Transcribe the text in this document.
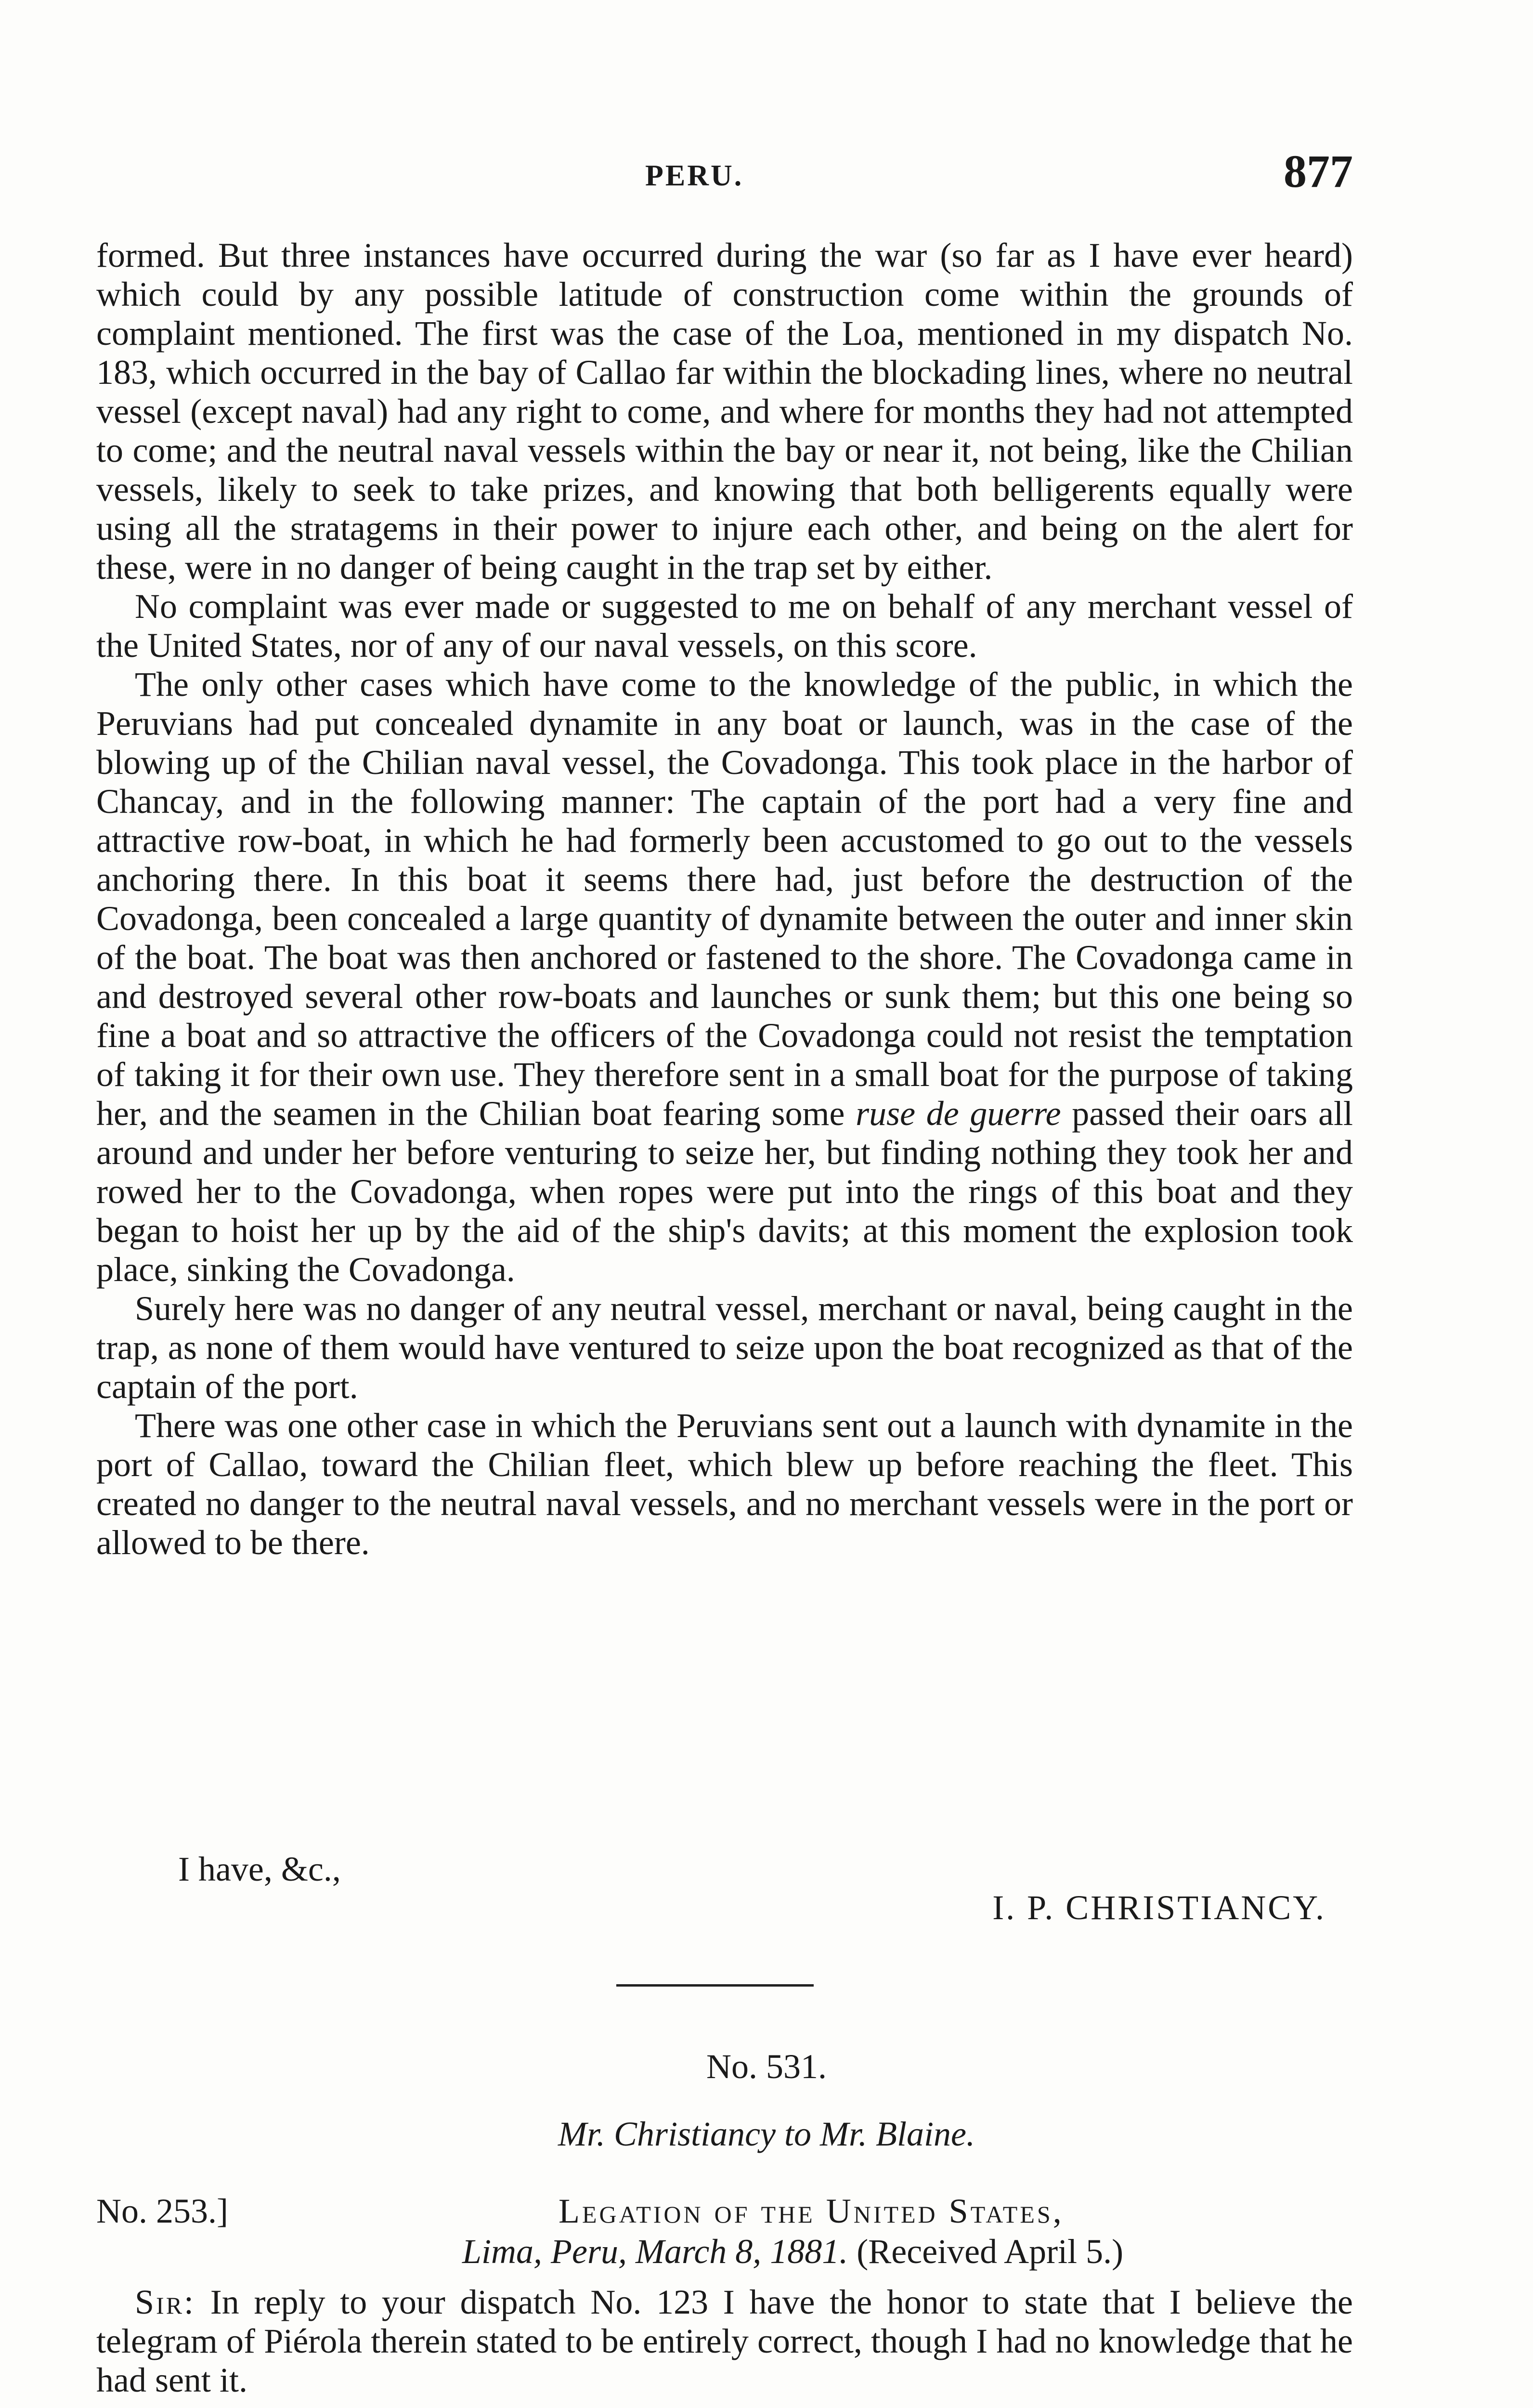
PERU.	877

formed. But three instances have occurred during the war (so far as I have ever heard) which could by any possible latitude of construction come within the grounds of complaint mentioned. The first was the case of the Loa, mentioned in my dispatch No. 183, which occurred in the bay of Callao far within the blockading lines, where no neutral vessel (except naval) had any right to come, and where for months they had not attempted to come; and the neutral naval vessels within the bay or near it, not being, like the Chilian vessels, likely to seek to take prizes, and knowing that both belligerents equally were using all the stratagems in their power to injure each other, and being on the alert for these, were in no danger of being caught in the trap set by either.

No complaint was ever made or suggested to me on behalf of any merchant vessel of the United States, nor of any of our naval vessels, on this score.

The only other cases which have come to the knowledge of the public, in which the Peruvians had put concealed dynamite in any boat or launch, was in the case of the blowing up of the Chilian naval vessel, the Covadonga. This took place in the harbor of Chancay, and in the following manner: The captain of the port had a very fine and attractive row-boat, in which he had formerly been accustomed to go out to the vessels anchoring there. In this boat it seems there had, just before the destruction of the Covadonga, been concealed a large quantity of dynamite between the outer and inner skin of the boat. The boat was then anchored or fastened to the shore. The Covadonga came in and destroyed several other row-boats and launches or sunk them; but this one being so fine a boat and so attractive the officers of the Covadonga could not resist the temptation of taking it for their own use. They therefore sent in a small boat for the purpose of taking her, and the seamen in the Chilian boat fearing some ruse de guerre passed their oars all around and under her before venturing to seize her, but finding nothing they took her and rowed her to the Covadonga, when ropes were put into the rings of this boat and they began to hoist her up by the aid of the ship's davits; at this moment the explosion took place, sinking the Covadonga.

Surely here was no danger of any neutral vessel, merchant or naval, being caught in the trap, as none of them would have ventured to seize upon the boat recognized as that of the captain of the port.

There was one other case in which the Peruvians sent out a launch with dynamite in the port of Callao, toward the Chilian fleet, which blew up before reaching the fleet. This created no danger to the neutral naval vessels, and no merchant vessels were in the port or allowed to be there.

I have, &c.,
I. P. CHRISTIANCY.
No. 531.
Mr. Christiancy to Mr. Blaine.
No. 253.]	Legation of the United States,
Lima, Peru, March 8, 1881. (Received April 5.)

Sir: In reply to your dispatch No. 123 I have the honor to state that I believe the telegram of Piérola therein stated to be entirely correct, though I had no knowledge that he had sent it.
